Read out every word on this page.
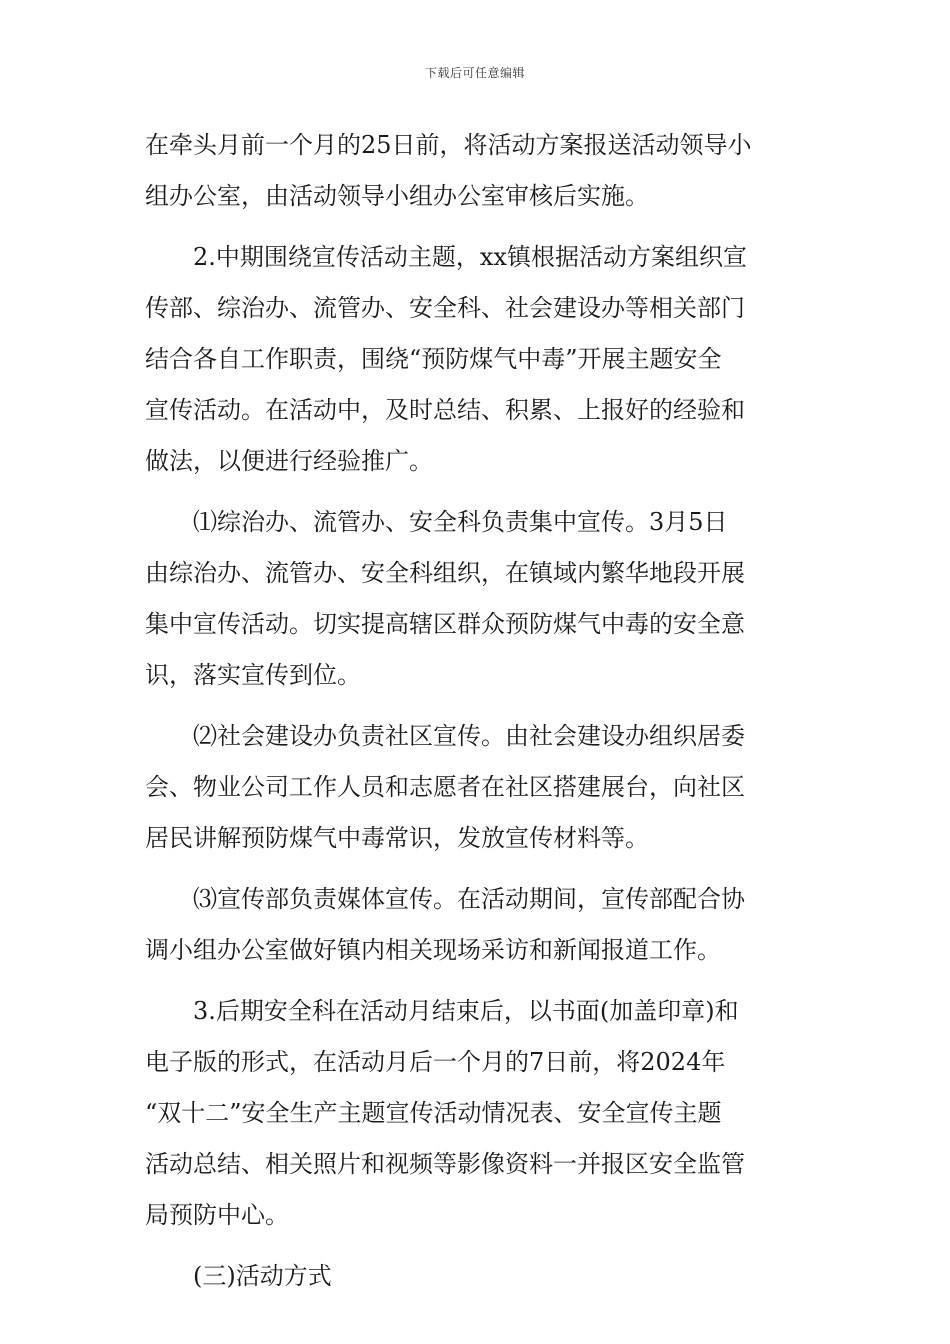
下载后可任意编辑
在牵头月前一个月的25日前，将活动方案报送活动领导小
组办公室，由活动领导小组办公室审核后实施。
　　2.中期围绕宣传活动主题，xx镇根据活动方案组织宣
传部、综治办、流管办、安全科、社会建设办等相关部门
结合各自工作职责，围绕“预防煤气中毒”开展主题安全
宣传活动。在活动中，及时总结、积累、上报好的经验和
做法，以便进行经验推广。
　　⑴综治办、流管办、安全科负责集中宣传。3月5日
由综治办、流管办、安全科组织，在镇域内繁华地段开展
集中宣传活动。切实提高辖区群众预防煤气中毒的安全意
识，落实宣传到位。
　　⑵社会建设办负责社区宣传。由社会建设办组织居委
会、物业公司工作人员和志愿者在社区搭建展台，向社区
居民讲解预防煤气中毒常识，发放宣传材料等。
　　⑶宣传部负责媒体宣传。在活动期间，宣传部配合协
调小组办公室做好镇内相关现场采访和新闻报道工作。
　　3.后期安全科在活动月结束后，以书面(加盖印章)和
电子版的形式，在活动月后一个月的7日前，将2024年
“双十二”安全生产主题宣传活动情况表、安全宣传主题
活动总结、相关照片和视频等影像资料一并报区安全监管
局预防中心。
　　(三)活动方式
